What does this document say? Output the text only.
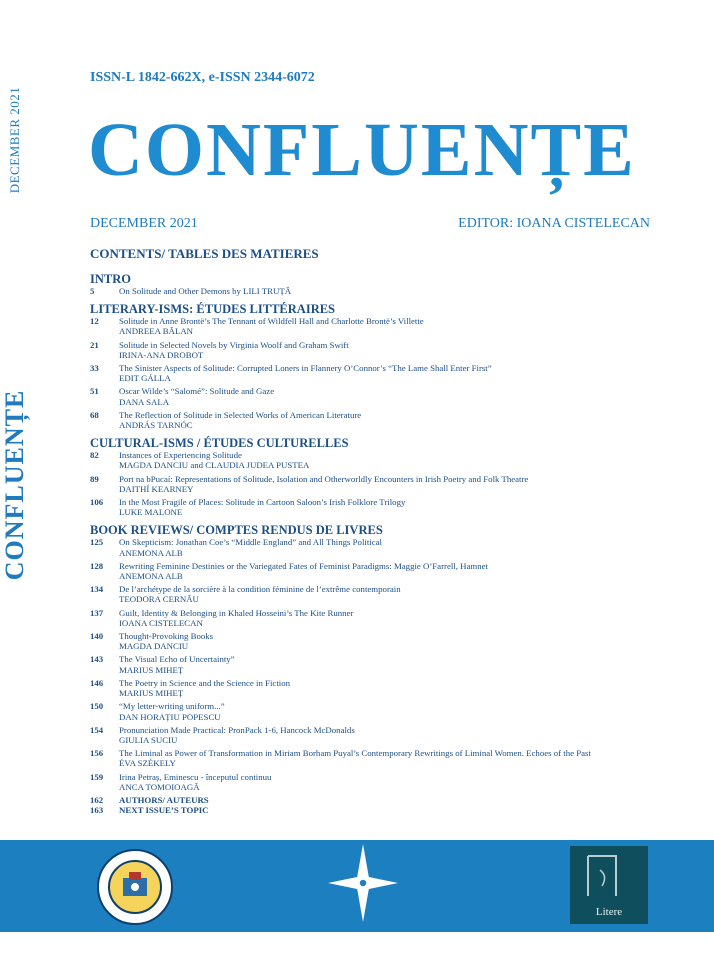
DECEMBER 2021
CONFLUENȚE
ISSN-L 1842-662X, e-ISSN 2344-6072
CONFLUENȚE
DECEMBER 2021	EDITOR: IOANA CISTELECAN
CONTENTS/ TABLES DES MATIERES
INTRO
5	On Solitude and Other Demons by LILI TRUȚĂ
LITERARY-ISMS: ÉTUDES LITTÉRAIRES
12	Solitude in Anne Brontë’s The Tennant of Wildfell Hall and Charlotte Brontë’s Villette
ANDREEA BĂLAN
21	Solitude in Selected Novels by Virginia Woolf and Graham Swift
IRINA-ANA DROBOT
33	The Sinister Aspects of Solitude: Corrupted Loners in Flannery O’Connor’s “The Lame Shall Enter First”
EDIT GÁLLA
51	Oscar Wilde’s “Salomé”: Solitude and Gaze
DANA SALA
68	The Reflection of Solitude in Selected Works of American Literature
ANDRÁS TARNÓC
CULTURAL-ISMS / ÉTUDES CULTURELLES
82	Instances of Experiencing Solitude
MAGDA DANCIU and CLAUDIA JUDEA PUSTEA
89	Port na bPucaí: Representations of Solitude, Isolation and Otherworldly Encounters in Irish Poetry and Folk Theatre
DAITHÍ KEARNEY
106	In the Most Fragile of Places: Solitude in Cartoon Saloon’s Irish Folklore Trilogy
LUKE MALONE
BOOK REVIEWS/ COMPTES RENDUS DE LIVRES
125	On Skepticism: Jonathan Coe’s “Middle England” and All Things Political
ANEMONA ALB
128	Rewriting Feminine Destinies or the Variegated Fates of Feminist Paradigms: Maggie O’Farrell, Hamnet
ANEMONA ALB
134	De l’archétype de la sorcière à la condition féminine de l’extrême contemporain
TEODORA CERNĂU
137	Guilt, Identity & Belonging in Khaled Hosseini’s The Kite Runner
IOANA CISTELECAN
140	Thought-Provoking Books
MAGDA DANCIU
143	The Visual Echo of Uncertainty”
MARIUS MIHEȚ
146	The Poetry in Science and the Science in Fiction
MARIUS MIHEȚ
150	“My letter-writing uniform...”
DAN HORAȚIU POPESCU
154	Pronunciation Made Practical: PronPack 1-6, Hancock McDonalds
GIULIA SUCIU
156	The Liminal as Power of Transformation in Miriam Borham Puyal’s Contemporary Rewritings of Liminal Women. Echoes of the Past
ÉVA SZÉKELY
159	Irina Petraș, Eminescu - începutul continuu
ANCA TOMOIOAGĂ
162	AUTHORS/ AUTEURS
163	NEXT ISSUE’S TOPIC
Litere
